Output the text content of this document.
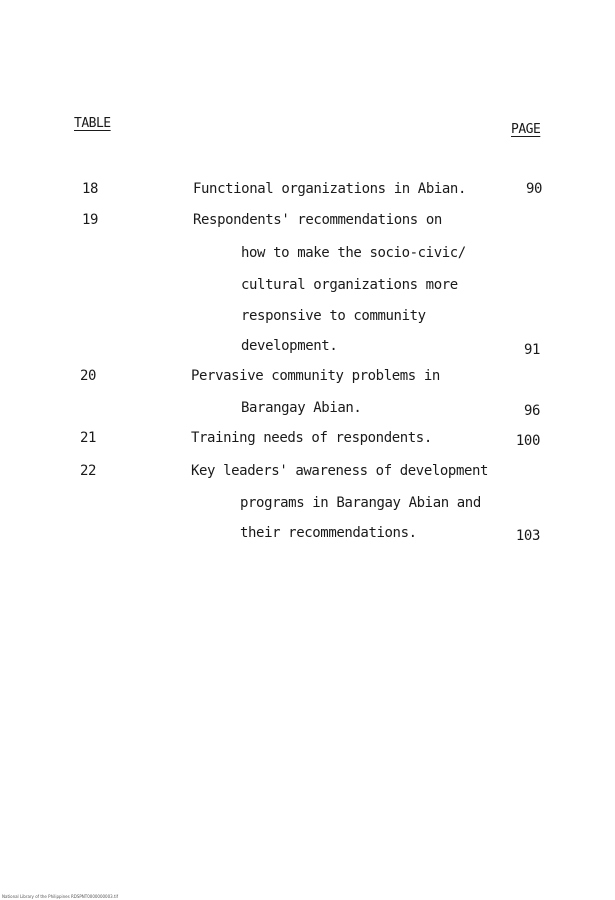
TABLE	PAGE
18	Functional organizations in Abian.	90
19	Respondents' recommendations on
how to make the socio-civic/
cultural organizations more
responsive to community
development.	91
20	Pervasive community problems in
Barangay Abian.	96
21	Training needs of respondents.	100
22	Key leaders' awareness of development
programs in Barangay Abian and
their recommendations.	103
National Library of the Philippines RDSPNT0000000003.tif
